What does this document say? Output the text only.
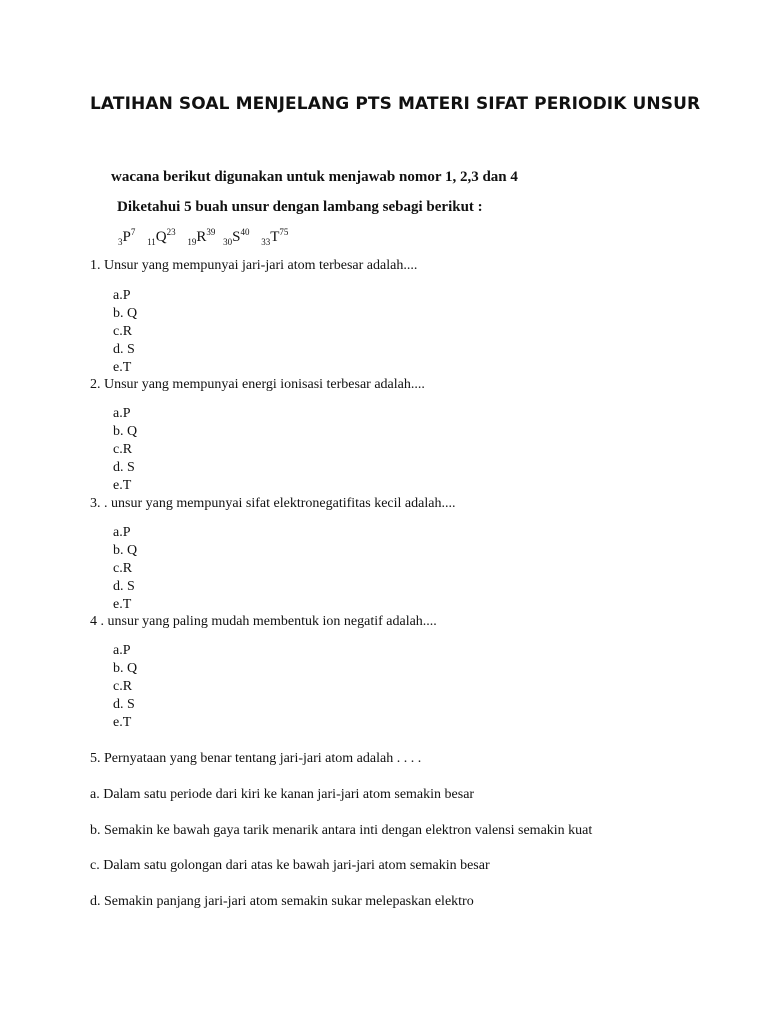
LATIHAN SOAL MENJELANG PTS MATERI SIFAT PERIODIK UNSUR
wacana berikut digunakan untuk menjawab nomor 1, 2,3 dan 4
Diketahui 5 buah unsur dengan lambang sebagi berikut :
$_3P^7$ $_{11}Q^{23}$ $_{19}R^{39}$ $_{30}S^{40}$ $_{33}T^{75}$
1. Unsur yang mempunyai jari-jari atom terbesar adalah....
a.P
b. Q
c.R
d. S
e.T
2. Unsur yang mempunyai energi ionisasi terbesar adalah....
a.P
b. Q
c.R
d. S
e.T
3. . unsur yang mempunyai sifat elektronegatifitas kecil adalah....
a.P
b. Q
c.R
d. S
e.T
4 . unsur yang paling mudah membentuk ion negatif adalah....
a.P
b. Q
c.R
d. S
e.T
5. Pernyataan yang benar tentang jari-jari atom adalah . . . .
a. Dalam satu periode dari kiri ke kanan jari-jari atom semakin besar
b. Semakin ke bawah gaya tarik menarik antara inti dengan elektron valensi semakin kuat
c. Dalam satu golongan dari atas ke bawah jari-jari atom semakin besar
d. Semakin panjang jari-jari atom semakin sukar melepaskan elektro
